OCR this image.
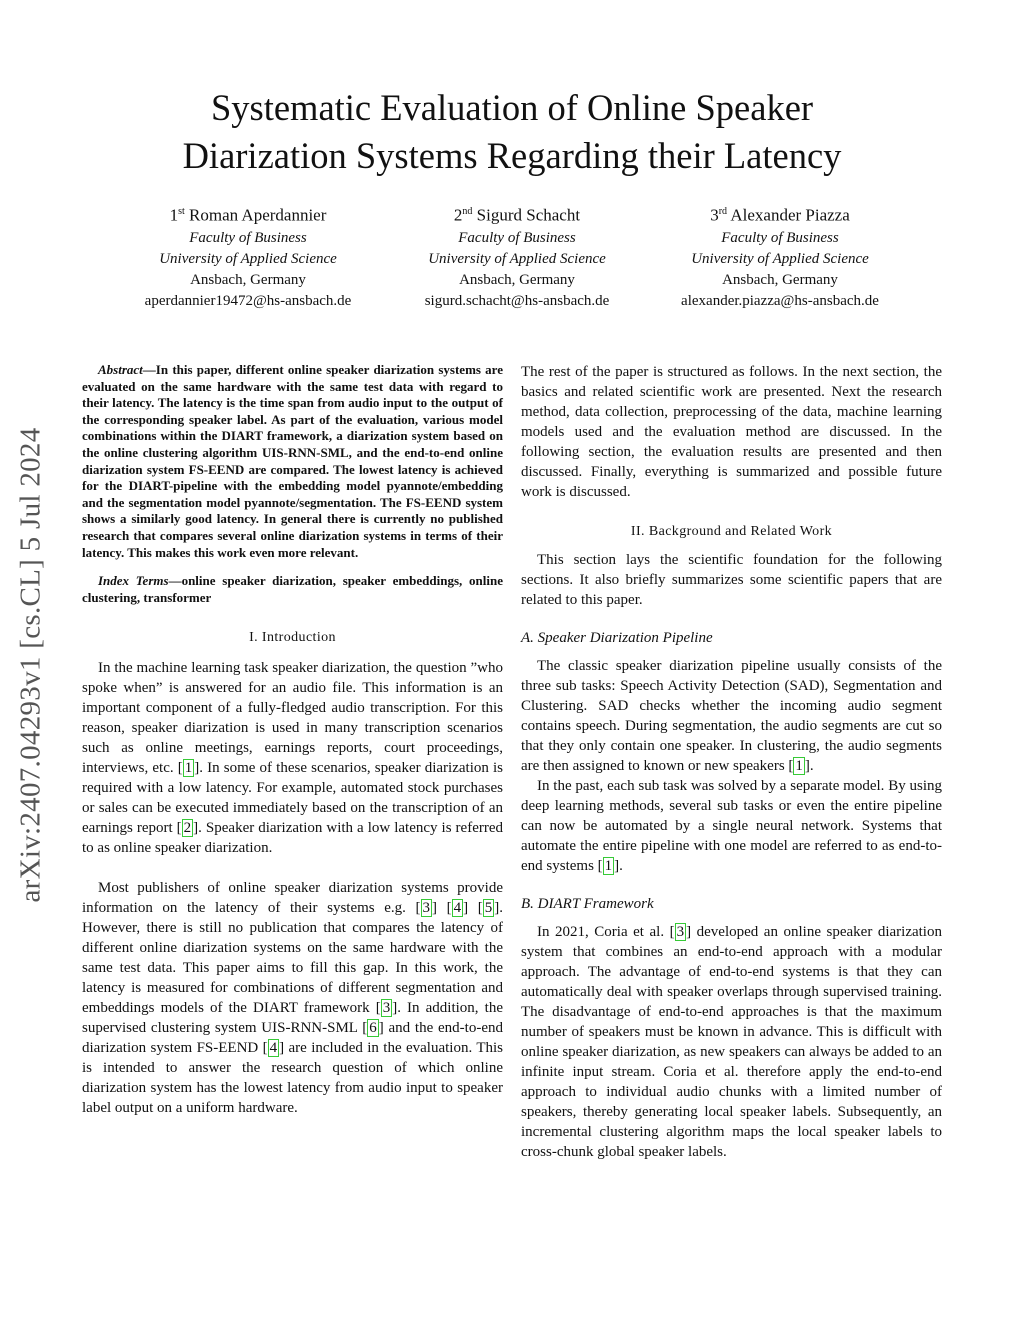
arXiv:2407.04293v1 [cs.CL] 5 Jul 2024
Systematic Evaluation of Online Speaker
Diarization Systems Regarding their Latency
1st Roman Aperdannier
Faculty of Business
University of Applied Science
Ansbach, Germany
aperdannier19472@hs-ansbach.de
2nd Sigurd Schacht
Faculty of Business
University of Applied Science
Ansbach, Germany
sigurd.schacht@hs-ansbach.de
3rd Alexander Piazza
Faculty of Business
University of Applied Science
Ansbach, Germany
alexander.piazza@hs-ansbach.de

Abstract—In this paper, different online speaker diarization systems are evaluated on the same hardware with the same test data with regard to their latency. The latency is the time span from audio input to the output of the corresponding speaker label. As part of the evaluation, various model combinations within the DIART framework, a diarization system based on the online clustering algorithm UIS-RNN-SML, and the end-to-end online diarization system FS-EEND are compared. The lowest latency is achieved for the DIART-pipeline with the embedding model pyannote/embedding and the segmentation model pyannote/segmentation. The FS-EEND system shows a similarly good latency. In general there is currently no published research that compares several online diarization systems in terms of their latency. This makes this work even more relevant.

Index Terms—online speaker diarization, speaker embeddings, online clustering, transformer

I. Introduction

In the machine learning task speaker diarization, the question ”who spoke when” is answered for an audio file. This information is an important component of a fully-fledged audio transcription. For this reason, speaker diarization is used in many transcription scenarios such as online meetings, earnings reports, court proceedings, interviews, etc. [ 1 ]. In some of these scenarios, speaker diarization is required with a low latency. For example, automated stock purchases or sales can be executed immediately based on the transcription of an earnings report [ 2 ]. Speaker diarization with a low latency is referred to as online speaker diarization.

Most publishers of online speaker diarization systems provide information on the latency of their systems e.g. [ 3 ] [ 4 ] [ 5 ]. However, there is still no publication that compares the latency of different online diarization systems on the same hardware with the same test data. This paper aims to fill this gap. In this work, the latency is measured for combinations of different segmentation and embeddings models of the DIART framework [ 3 ]. In addition, the supervised clustering system UIS-RNN-SML [ 6 ] and the end-to-end diarization system FS-EEND [ 4 ] are included in the evaluation. This is intended to answer the research question of which online diarization system has the lowest latency from audio input to speaker label output on a uniform hardware.

The rest of the paper is structured as follows. In the next section, the basics and related scientific work are presented. Next the research method, data collection, preprocessing of the data, machine learning models used and the evaluation method are discussed. In the following section, the evaluation results are presented and then discussed. Finally, everything is summarized and possible future work is discussed.

II. Background and Related Work

This section lays the scientific foundation for the following sections. It also briefly summarizes some scientific papers that are related to this paper.

A. Speaker Diarization Pipeline

The classic speaker diarization pipeline usually consists of the three sub tasks: Speech Activity Detection (SAD), Segmentation and Clustering. SAD checks whether the incoming audio segment contains speech. During segmentation, the audio segments are cut so that they only contain one speaker. In clustering, the audio segments are then assigned to known or new speakers [ 1 ].

In the past, each sub task was solved by a separate model. By using deep learning methods, several sub tasks or even the entire pipeline can now be automated by a single neural network. Systems that automate the entire pipeline with one model are referred to as end-to-end systems [ 1 ].

B. DIART Framework

In 2021, Coria et al. [ 3 ] developed an online speaker diarization system that combines an end-to-end approach with a modular approach. The advantage of end-to-end systems is that they can automatically deal with speaker overlaps through supervised training. The disadvantage of end-to-end approaches is that the maximum number of speakers must be known in advance. This is difficult with online speaker diarization, as new speakers can always be added to an infinite input stream. Coria et al. therefore apply the end-to-end approach to individual audio chunks with a limited number of speakers, thereby generating local speaker labels. Subsequently, an incremental clustering algorithm maps the local speaker labels to cross-chunk global speaker labels.
